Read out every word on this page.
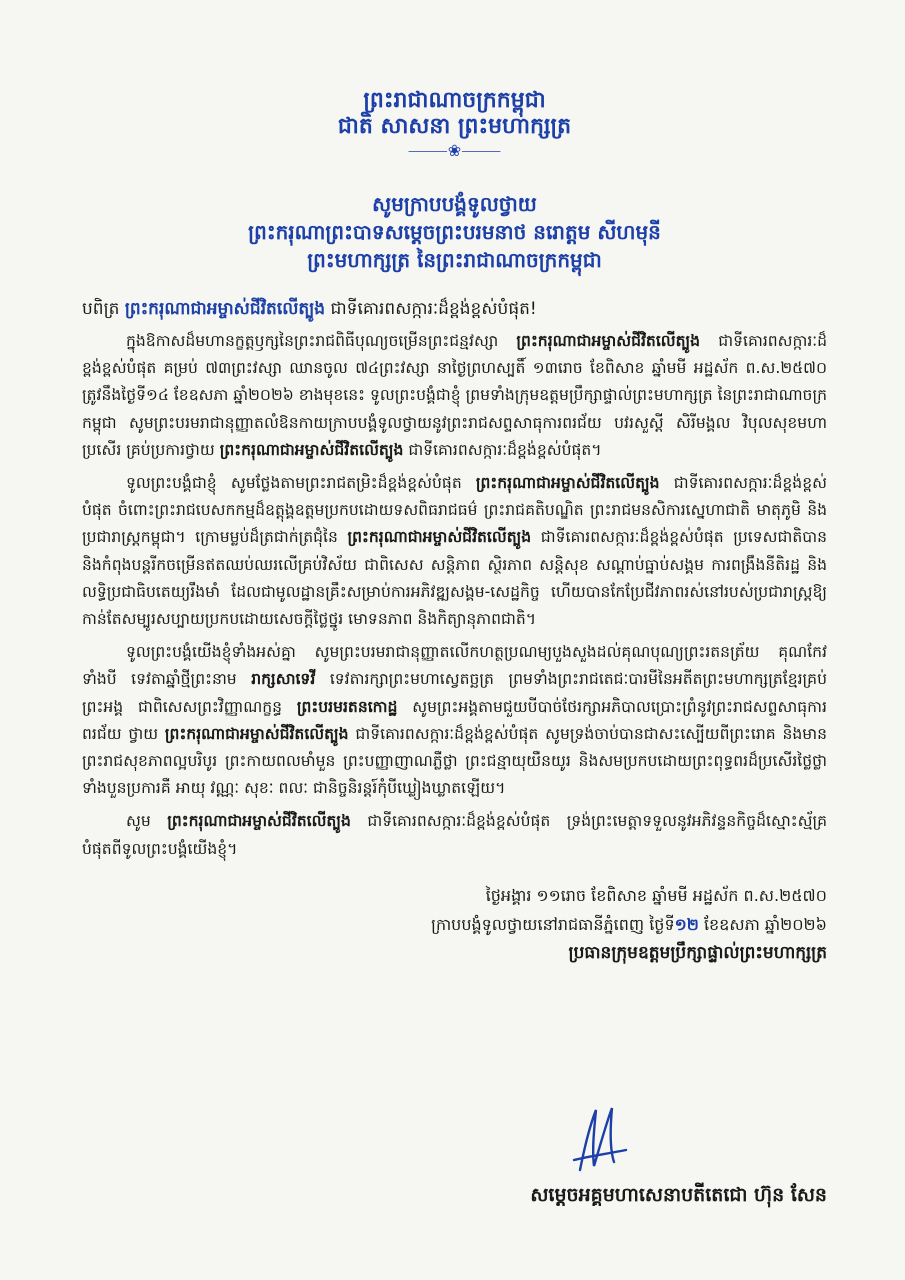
ព្រះរាជាណាចក្រកម្ពុជា
ជាតិ សាសនា ព្រះមហាក្សត្រ
⸻❀⸻
សូមក្រាបបង្គំទូលថ្វាយ
ព្រះករុណាព្រះបាទសម្តេចព្រះបរមនាថ នរោត្តម សីហមុនី
ព្រះមហាក្សត្រ នៃព្រះរាជាណាចក្រកម្ពុជា
បពិត្រ ព្រះករុណាជាអម្ចាស់ជីវិតលើត្បូង ជាទីគោរពសក្ការៈដ៏ខ្ពង់ខ្ពស់បំផុត!

ក្នុងឱកាសដ៏មហានក្ខត្តឫក្សនៃព្រះរាជពិធីបុណ្យចម្រើនព្រះជន្មវស្សា ព្រះករុណាជាអម្ចាស់ជីវិតលើត្បូង ជាទីគោរពសក្ការៈដ៏ខ្ពង់ខ្ពស់បំផុត គម្រប់ ៧៣ព្រះវស្សា ឈានចូល ៧៤ព្រះវស្សា នាថ្ងៃព្រហស្បតិ៍ ១៣រោច ខែពិសាខ ឆ្នាំមមី អដ្ឋស័ក ព.ស.២៥៧០ ត្រូវនឹងថ្ងៃទី១៤ ខែឧសភា ឆ្នាំ២០២៦ ខាងមុខនេះ ទូលព្រះបង្គំជាខ្ញុំ ព្រមទាំងក្រុមឧត្តមប្រឹក្សាផ្ទាល់ព្រះមហាក្សត្រ នៃព្រះរាជាណាចក្រកម្ពុជា សូមព្រះបរមរាជានុញ្ញាតលំឱនកាយក្រាបបង្គំទូលថ្វាយនូវព្រះរាជសព្ទសាធុការពរជ័យ បវរសួស្តី សិរីមង្គល វិបុលសុខមហាប្រសើរ គ្រប់ប្រការថ្វាយ ព្រះករុណាជាអម្ចាស់ជីវិតលើត្បូង ជាទីគោរពសក្ការៈដ៏ខ្ពង់ខ្ពស់បំផុត។

ទូលព្រះបង្គំជាខ្ញុំ សូមថ្លែងតាមព្រះរាជតម្រិះដ៏ខ្ពង់ខ្ពស់បំផុត ព្រះករុណាជាអម្ចាស់ជីវិតលើត្បូង ជាទីគោរពសក្ការៈដ៏ខ្ពង់ខ្ពស់បំផុត ចំពោះព្រះរាជបេសកកម្មដ៏ឧត្តុង្គឧត្តមប្រកបដោយទសពិធរាជធម៌ ព្រះរាជគតិបណ្ឌិត ព្រះរាជមនសិការស្នេហាជាតិ មាតុភូមិ និងប្រជារាស្ត្រកម្ពុជា។ ក្រោមម្លប់ដ៏ត្រជាក់ត្រជុំនៃ ព្រះករុណាជាអម្ចាស់ជីវិតលើត្បូង ជាទីគោរពសក្ការៈដ៏ខ្ពង់ខ្ពស់បំផុត ប្រទេសជាតិបាននិងកំពុងបន្តរីកចម្រើនឥតឈប់ឈរលើគ្រប់វិស័យ ជាពិសេស សន្តិភាព ស្ថិរភាព សន្តិសុខ សណ្តាប់ធ្នាប់សង្គម ការពង្រឹងនីតិរដ្ឋ និងលទ្ធិប្រជាធិបតេយ្យរឹងមាំ ដែលជាមូលដ្ឋានគ្រឹះសម្រាប់ការអភិវឌ្ឍសង្គម-សេដ្ឋកិច្ច ហើយបានកែប្រែជីវភាពរស់នៅរបស់ប្រជារាស្ត្រឱ្យកាន់តែសម្បូរសប្បាយប្រកបដោយសេចក្តីថ្លៃថ្នូរ មោទនភាព និងកិត្យានុភាពជាតិ។

ទូលព្រះបង្គំយើងខ្ញុំទាំងអស់គ្នា សូមព្រះបរមរាជានុញ្ញាតលើកហត្ថប្រណម្យបួងសួងដល់គុណបុណ្យព្រះរតនត្រ័យ គុណកែវទាំងបី ទេវតាឆ្នាំថ្មីព្រះនាម រាក្សសាទេវី ទេវតារក្សាព្រះមហាស្វេតច្ឆត្រ ព្រមទាំងព្រះរាជតេជៈបារមីនៃអតីតព្រះមហាក្សត្រខ្មែរគ្រប់ព្រះអង្គ ជាពិសេសព្រះវិញ្ញាណក្ខន្ធ ព្រះបរមរតនកោដ្ឋ សូមព្រះអង្គតាមជួយបីបាច់ថែរក្សាអភិបាលប្រោះព្រំនូវព្រះរាជសព្ទសាធុការពរជ័យ ថ្វាយ ព្រះករុណាជាអម្ចាស់ជីវិតលើត្បូង ជាទីគោរពសក្ការៈដ៏ខ្ពង់ខ្ពស់បំផុត សូមទ្រង់ចាប់បានជាសះស្បើយពីព្រះរោគ និងមានព្រះរាជសុខភាពល្អបរិបូរ ព្រះកាយពលមាំមួន ព្រះបញ្ញាញាណភ្លឺថ្លា ព្រះជន្មាយុយឺនយូរ និងសមប្រកបដោយព្រះពុទ្ធពរដ៏ប្រសើរថ្លៃថ្លាទាំងបួនប្រការគឺ អាយុ វណ្ណៈ សុខៈ ពលៈ ជានិច្ចនិរន្តរ៍កុំបីឃ្លៀងឃ្លាតឡើយ។

សូម ព្រះករុណាជាអម្ចាស់ជីវិតលើត្បូង ជាទីគោរពសក្ការៈដ៏ខ្ពង់ខ្ពស់បំផុត ទ្រង់ព្រះមេត្តាទទួលនូវអភិវន្ទនកិច្ចដ៏ស្មោះស្ម័គ្របំផុតពីទូលព្រះបង្គំយើងខ្ញុំ។

ថ្ងៃអង្គារ ១១រោច ខែពិសាខ ឆ្នាំមមី អដ្ឋស័ក ព.ស.២៥៧០
ក្រាបបង្គំទូលថ្វាយនៅរាជធានីភ្នំពេញ ថ្ងៃទី១២ ខែឧសភា ឆ្នាំ២០២៦
ប្រធានក្រុមឧត្តមប្រឹក្សាផ្ទាល់ព្រះមហាក្សត្រ
សម្តេចអគ្គមហាសេនាបតីតេជោ ហ៊ុន សែន
